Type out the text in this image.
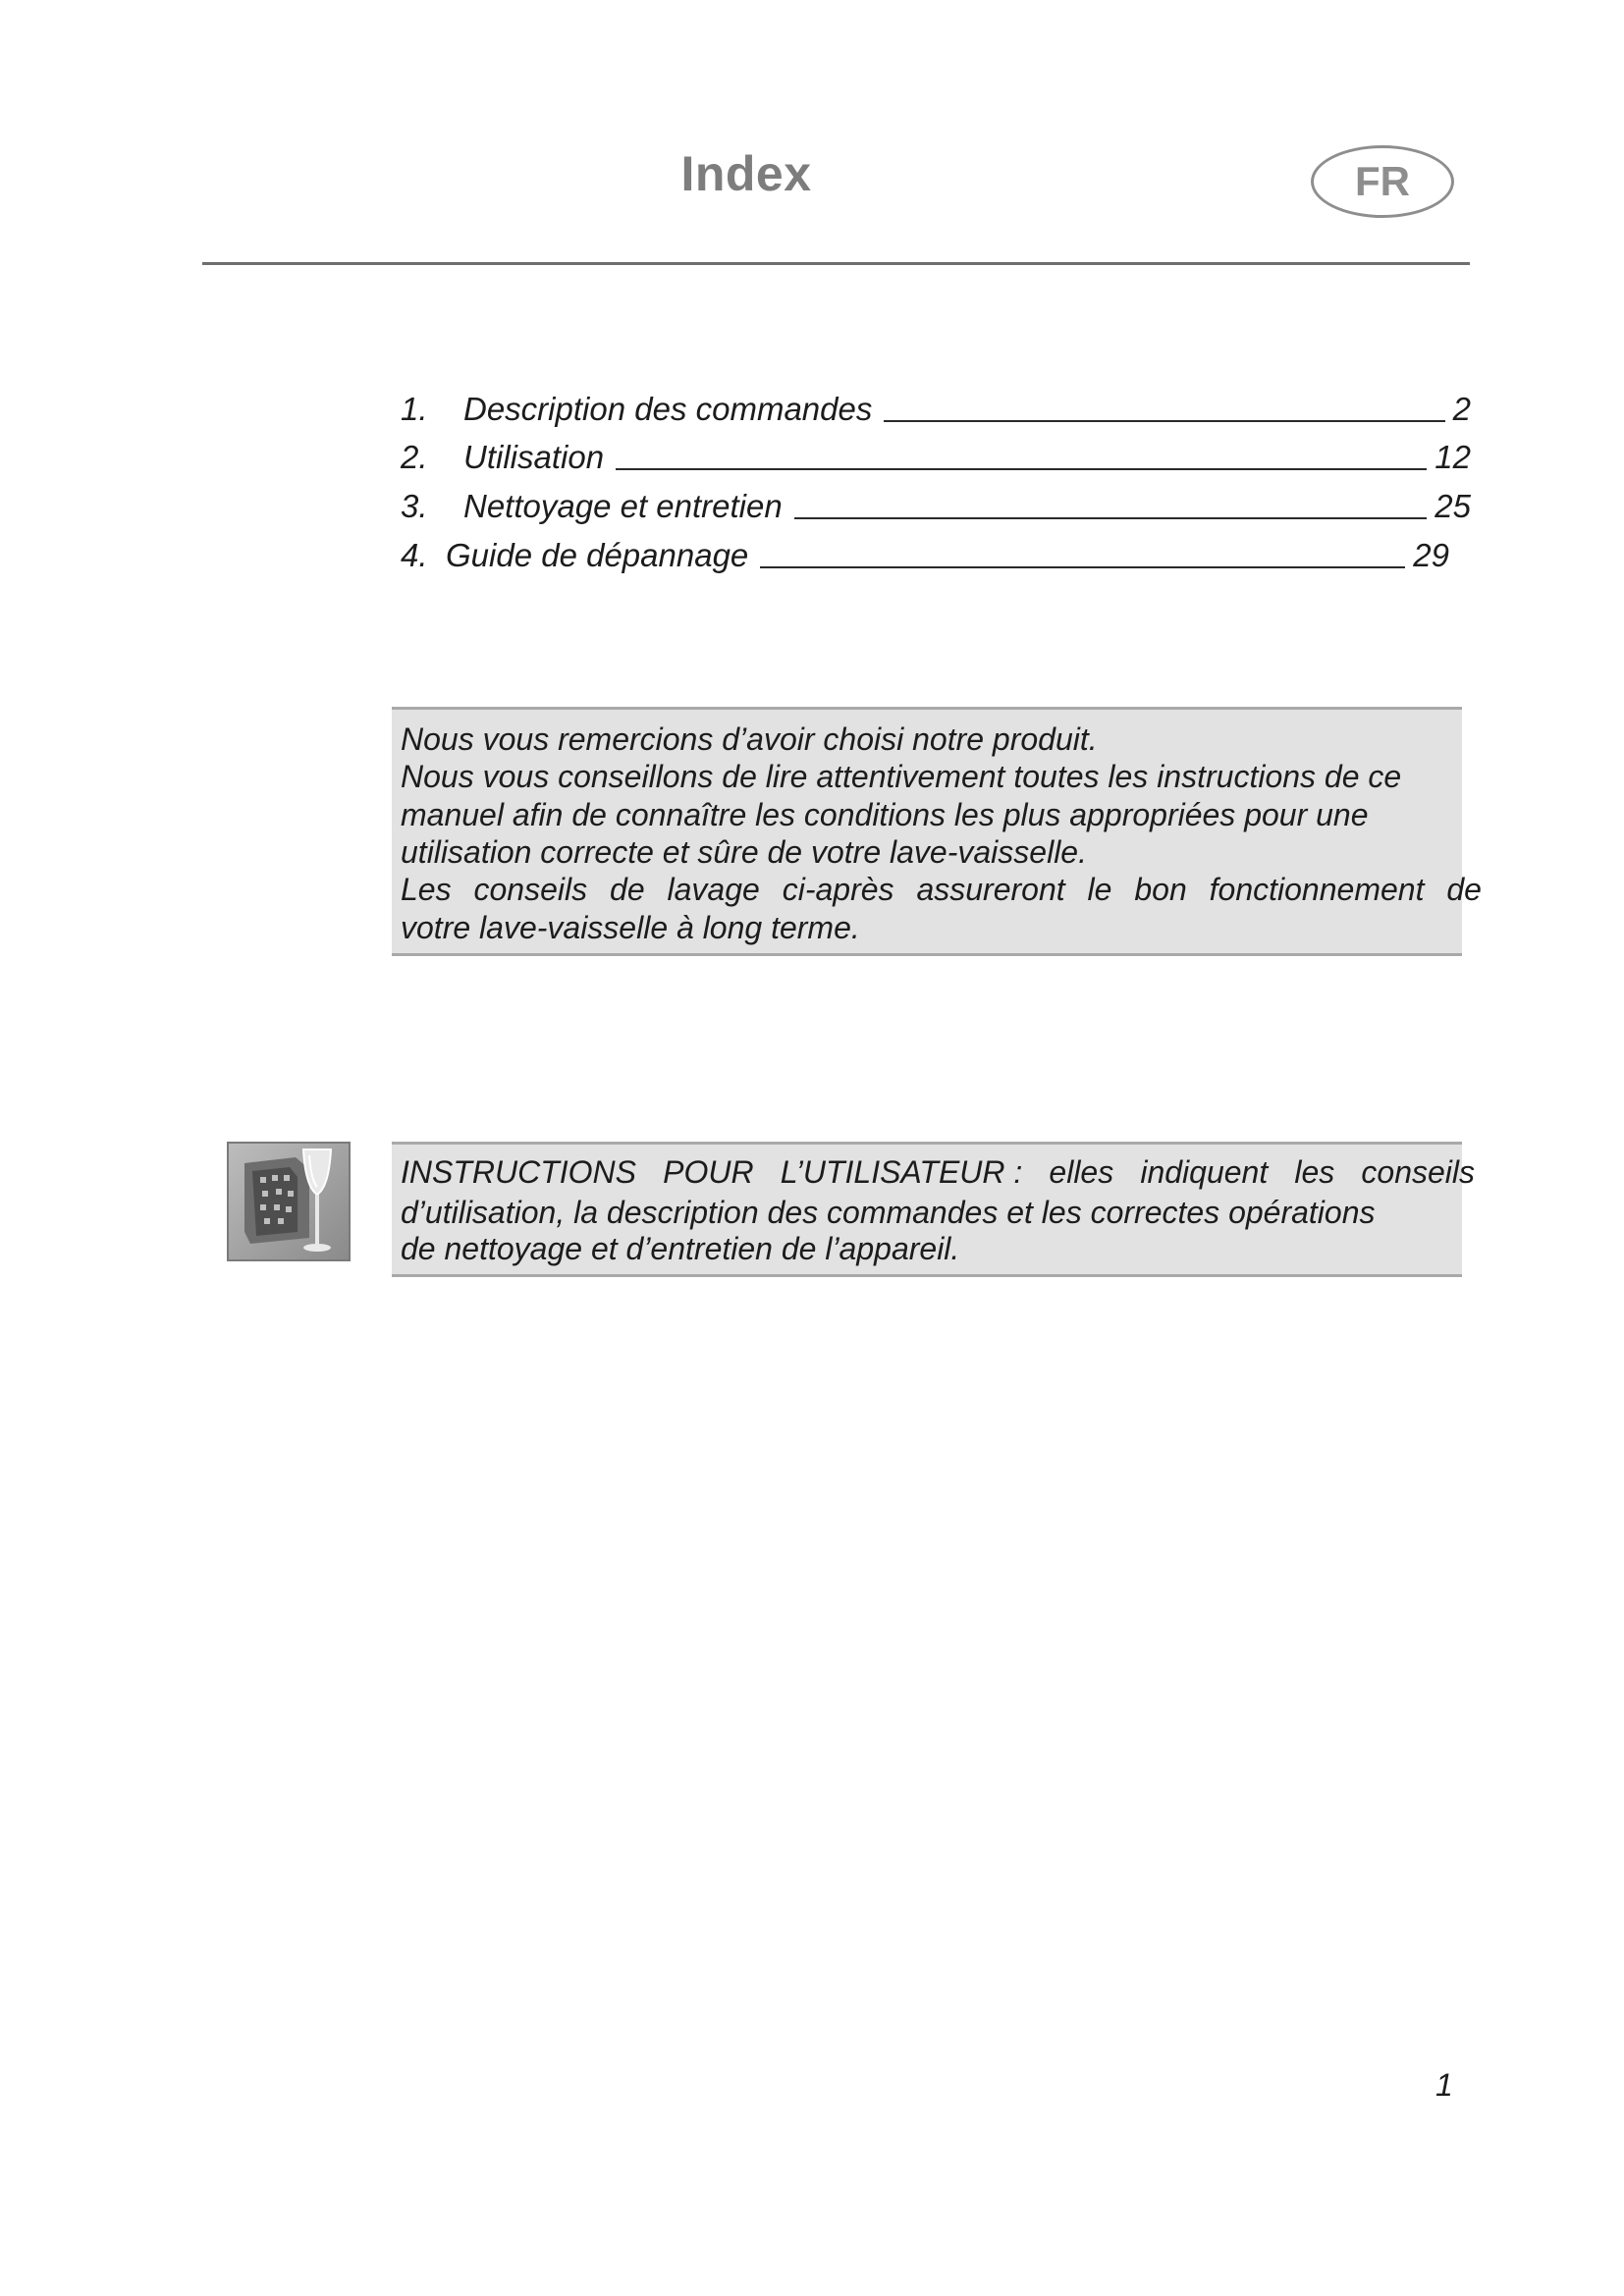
Index	FR
1.	Description des commandes	2
2.	Utilisation	12
3.	Nettoyage et entretien	25
4. Guide de dépannage	29
Nous vous remercions d’avoir choisi notre produit.
Nous vous conseillons de lire attentivement toutes les instructions de ce
manuel afin de connaître les conditions les plus appropriées pour une
utilisation correcte et sûre de votre lave-vaisselle.
Les conseils de lavage ci-après assureront le bon fonctionnement de
votre lave-vaisselle à long terme.
INSTRUCTIONS POUR L’UTILISATEUR : elles indiquent les conseils
d’utilisation, la description des commandes et les correctes opérations
de nettoyage et d’entretien de l’appareil.
1
